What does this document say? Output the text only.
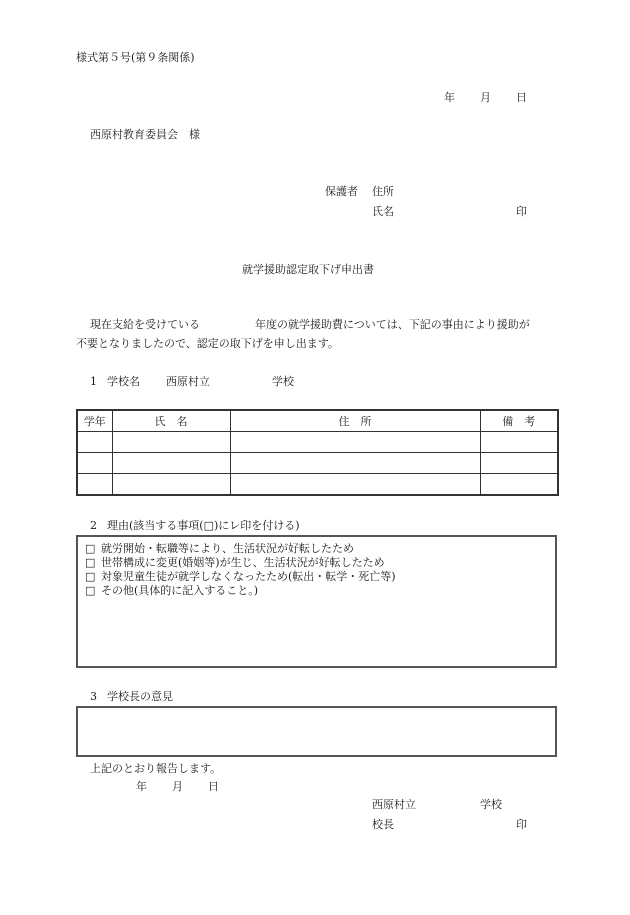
様式第５号(第９条関係)
年 月 日
西原村教育委員会　様
保護者 住所
氏名	印
就学援助認定取下げ申出書
現在支給を受けている	年度の就学援助費については、下記の事由により援助が
不要となりましたので、認定の取下げを申し出ます。
1 学校名 西原村立	学校
学年	氏　名	住　所	備　考

2 理由(該当する事項(□)にレ印を付ける)
□ 就労開始・転職等により、生活状況が好転したため
□ 世帯構成に変更(婚姻等)が生じ、生活状況が好転したため
□ 対象児童生徒が就学しなくなったため(転出・転学・死亡等)
□ その他(具体的に記入すること。)
3 学校長の意見
上記のとおり報告します。
年 月 日
西原村立	学校
校長	印
